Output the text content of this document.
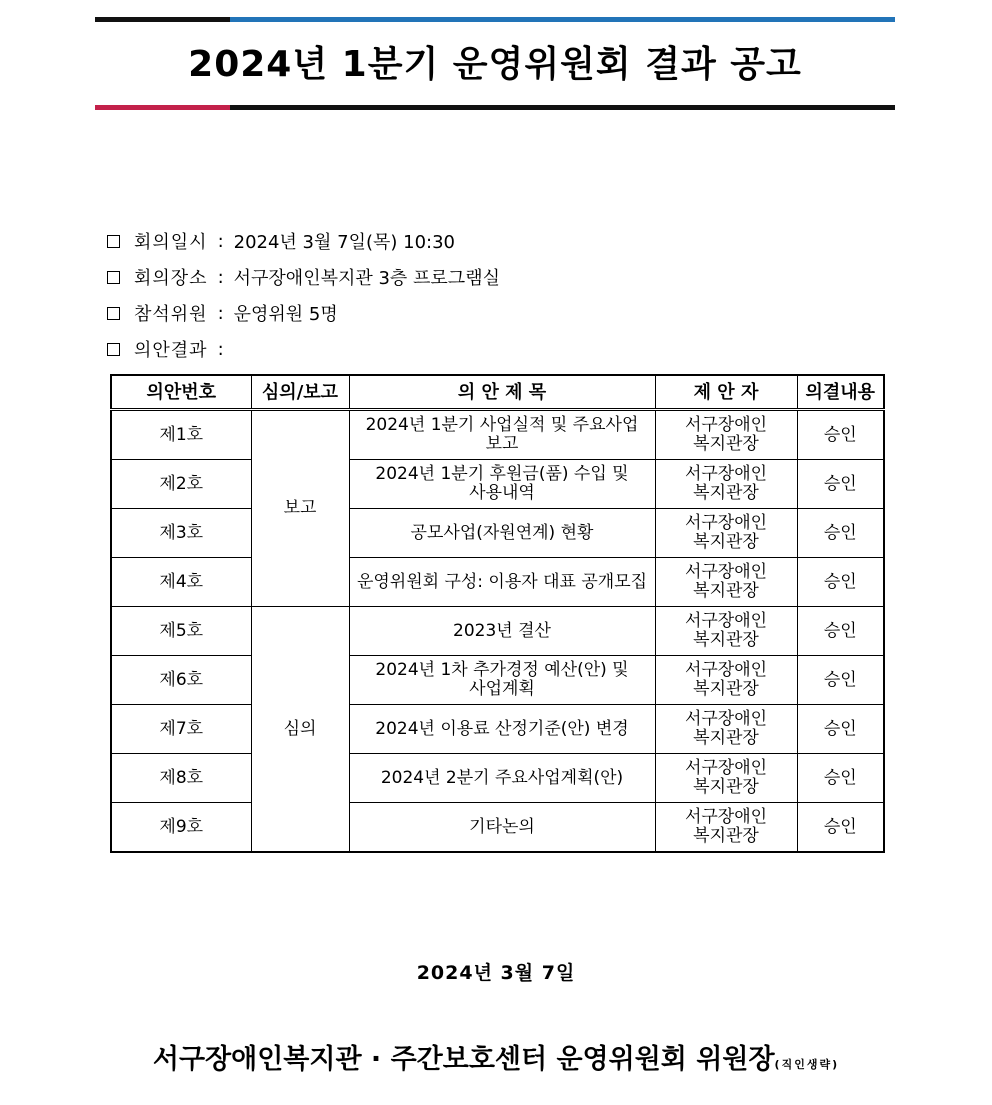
2024년 1분기 운영위원회 결과 공고
회의일시 : 2024년 3월 7일(목) 10:30
회의장소 : 서구장애인복지관 3층 프로그램실
참석위원 : 운영위원 5명
의안결과 :
의안번호	심의/보고	의 안 제 목	제 안 자	의결내용
제1호	보고	2024년 1분기 사업실적 및 주요사업 보고	서구장애인 복지관장	승인
제2호		2024년 1분기 후원금(품) 수입 및 사용내역	서구장애인 복지관장	승인
제3호		공모사업(자원연계) 현황	서구장애인 복지관장	승인
제4호		운영위원회 구성: 이용자 대표 공개모집	서구장애인 복지관장	승인
제5호	심의	2023년 결산	서구장애인 복지관장	승인
제6호		2024년 1차 추가경정 예산(안) 및 사업계획	서구장애인 복지관장	승인
제7호		2024년 이용료 산정기준(안) 변경	서구장애인 복지관장	승인
제8호		2024년 2분기 주요사업계획(안)	서구장애인 복지관장	승인
제9호		기타논의	서구장애인 복지관장	승인
2024년 3월 7일
서구장애인복지관 · 주간보호센터 운영위원회 위원장(직인생략)
